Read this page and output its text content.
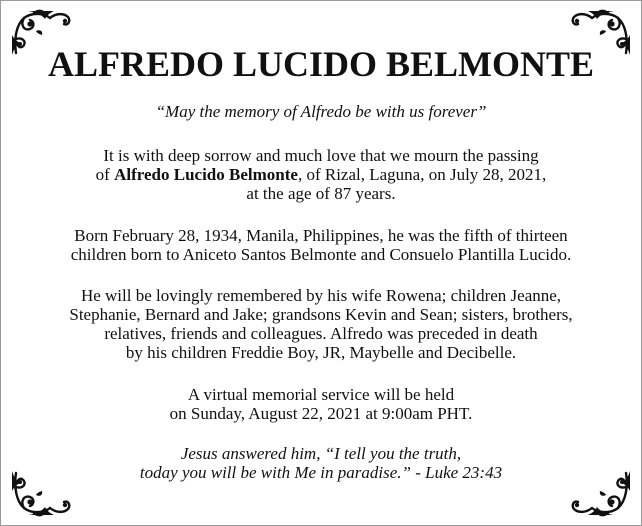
ALFREDO LUCIDO BELMONTE
“May the memory of Alfredo be with us forever”
It is with deep sorrow and much love that we mourn the passing
of Alfredo Lucido Belmonte, of Rizal, Laguna, on July 28, 2021,
at the age of 87 years.
Born February 28, 1934, Manila, Philippines, he was the fifth of thirteen
children born to Aniceto Santos Belmonte and Consuelo Plantilla Lucido.
He will be lovingly remembered by his wife Rowena; children Jeanne,
Stephanie, Bernard and Jake; grandsons Kevin and Sean; sisters, brothers,
relatives, friends and colleagues. Alfredo was preceded in death
by his children Freddie Boy, JR, Maybelle and Decibelle.
A virtual memorial service will be held
on Sunday, August 22, 2021 at 9:00am PHT.
Jesus answered him, “I tell you the truth,
today you will be with Me in paradise.” - Luke 23:43
